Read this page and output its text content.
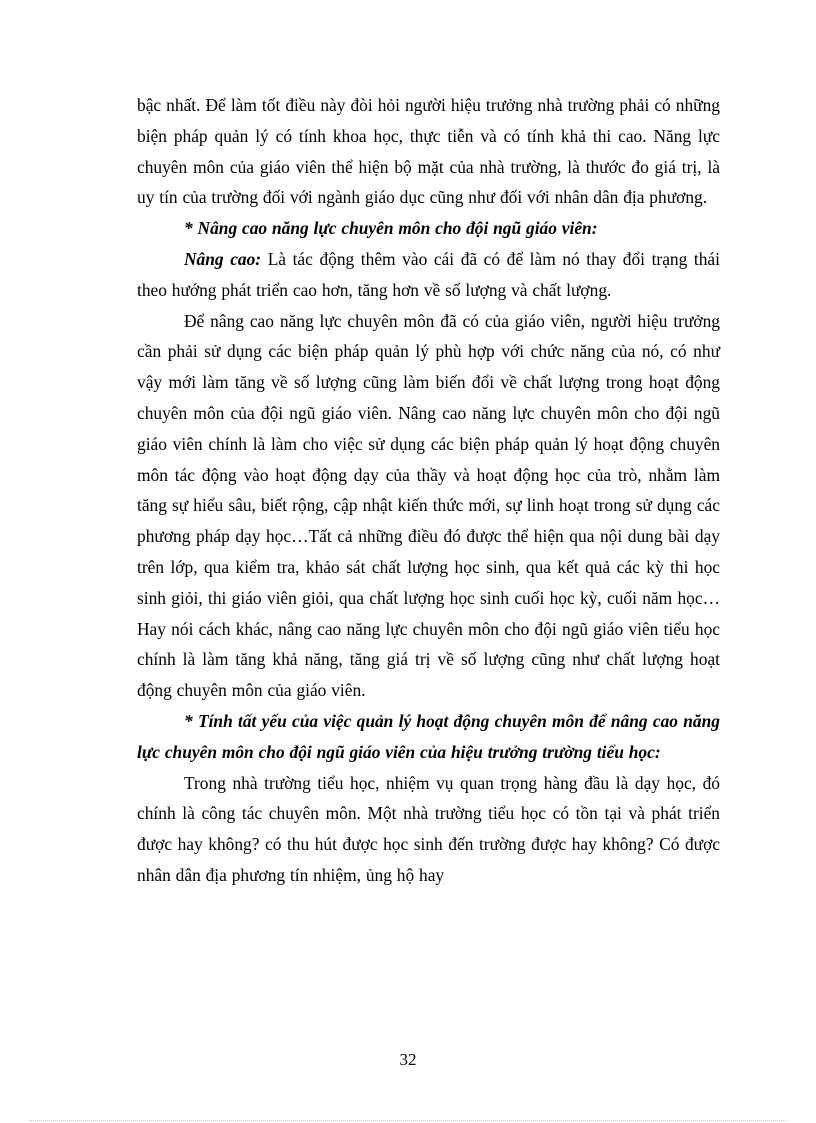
bậc nhất. Để làm tốt điều này đòi hỏi người hiệu trưởng nhà trường phải có những biện pháp quản lý có tính khoa học, thực tiễn và có tính khả thi cao. Năng lực chuyên môn của giáo viên thể hiện bộ mặt của nhà trường, là thước đo giá trị, là uy tín của trường đối với ngành giáo dục cũng như đối với nhân dân địa phương.

* Nâng cao năng lực chuyên môn cho đội ngũ giáo viên:

Nâng cao: Là tác động thêm vào cái đã có để làm nó thay đổi trạng thái theo hướng phát triển cao hơn, tăng hơn về số lượng và chất lượng.

Để nâng cao năng lực chuyên môn đã có của giáo viên, người hiệu trưởng cần phải sử dụng các biện pháp quản lý phù hợp với chức năng của nó, có như vậy mới làm tăng về số lượng cũng làm biến đổi về chất lượng trong hoạt động chuyên môn của đội ngũ giáo viên. Nâng cao năng lực chuyên môn cho đội ngũ giáo viên chính là làm cho việc sử dụng các biện pháp quản lý hoạt động chuyên môn tác động vào hoạt động dạy của thầy và hoạt động học của trò, nhằm làm tăng sự hiểu sâu, biết rộng, cập nhật kiến thức mới, sự linh hoạt trong sử dụng các phương pháp dạy học…Tất cả những điều đó được thể hiện qua nội dung bài dạy trên lớp, qua kiểm tra, khảo sát chất lượng học sinh, qua kết quả các kỳ thi học sinh giỏi, thi giáo viên giỏi, qua chất lượng học sinh cuối học kỳ, cuối năm học…Hay nói cách khác, nâng cao năng lực chuyên môn cho đội ngũ giáo viên tiểu học chính là làm tăng khả năng, tăng giá trị về số lượng cũng như chất lượng hoạt động chuyên môn của giáo viên.

* Tính tất yếu của việc quản lý hoạt động chuyên môn để nâng cao năng lực chuyên môn cho đội ngũ giáo viên của hiệu trưởng trường tiểu học:

Trong nhà trường tiểu học, nhiệm vụ quan trọng hàng đầu là dạy học, đó chính là công tác chuyên môn. Một nhà trường tiểu học có tồn tại và phát triển được hay không? có thu hút được học sinh đến trường được hay không? Có được nhân dân địa phương tín nhiệm, ủng hộ hay

32
